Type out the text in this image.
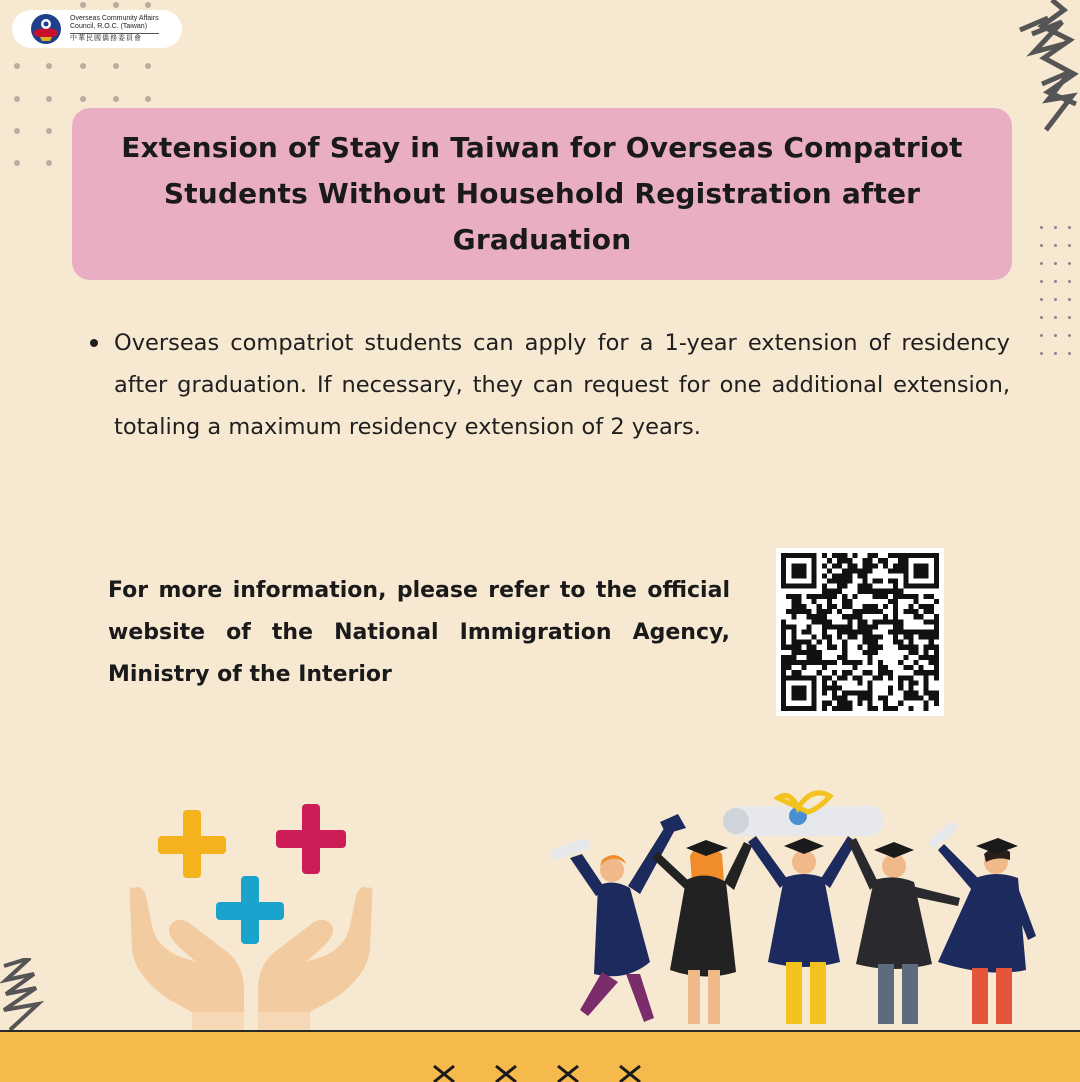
Overseas Community Affairs
Council, R.O.C. (Taiwan)
中華民國僑務委員會
Extension of Stay in Taiwan for Overseas Compatriot
Students Without Household Registration after Graduation
Overseas compatriot students can apply for a 1-year extension of residency after graduation. If necessary, they can request for one additional extension, totaling a maximum residency extension of 2 years.
For more information, please refer to the official
website of the National Immigration Agency,
Ministry of the Interior
